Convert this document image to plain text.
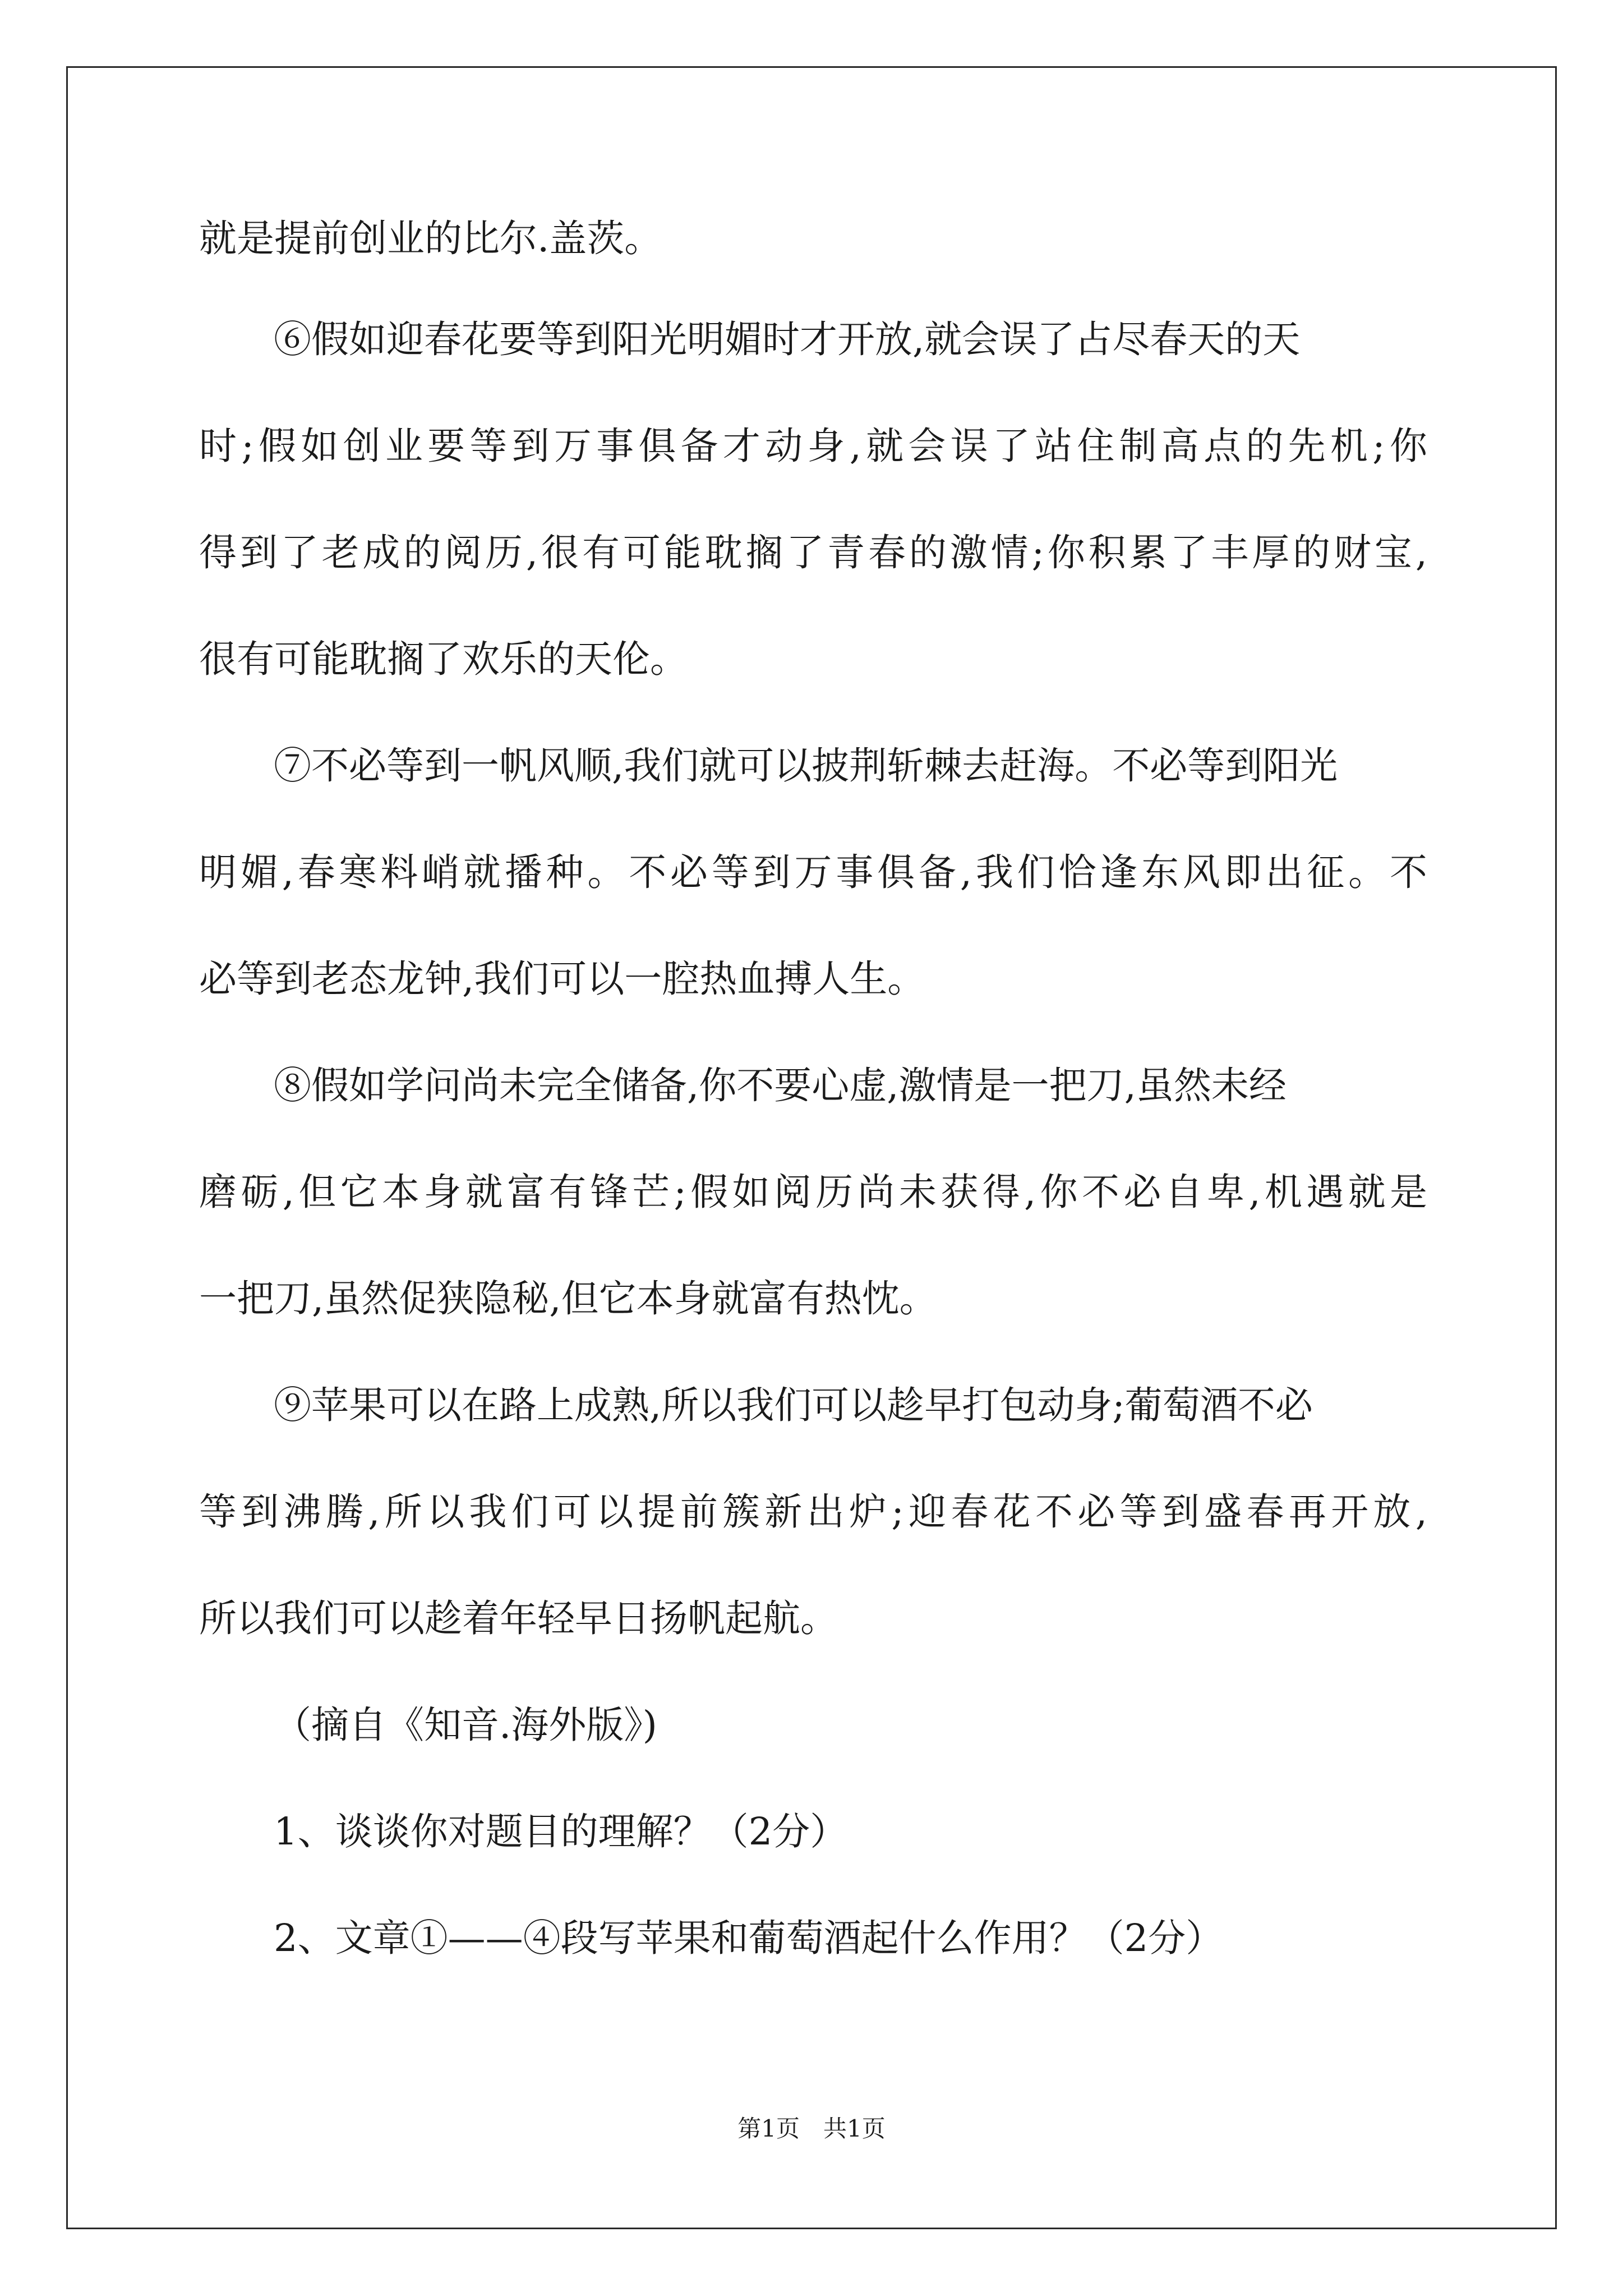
就是提前创业的比尔.盖茨。
⑥假如迎春花要等到阳光明媚时才开放,就会误了占尽春天的天
时;假如创业要等到万事俱备才动身,就会误了站住制高点的先机;你
得到了老成的阅历,很有可能耽搁了青春的激情;你积累了丰厚的财宝,
很有可能耽搁了欢乐的天伦。
⑦不必等到一帆风顺,我们就可以披荆斩棘去赶海。不必等到阳光
明媚,春寒料峭就播种。不必等到万事俱备,我们恰逢东风即出征。不
必等到老态龙钟,我们可以一腔热血搏人生。
⑧假如学问尚未完全储备,你不要心虚,激情是一把刀,虽然未经
磨砺,但它本身就富有锋芒;假如阅历尚未获得,你不必自卑,机遇就是
一把刀,虽然促狭隐秘,但它本身就富有热忱。
⑨苹果可以在路上成熟,所以我们可以趁早打包动身;葡萄酒不必
等到沸腾,所以我们可以提前簇新出炉;迎春花不必等到盛春再开放,
所以我们可以趁着年轻早日扬帆起航。
（摘自《知音.海外版》)
1、谈谈你对题目的理解？（2分）
2、文章①——④段写苹果和葡萄酒起什么作用？（2分）
第1页　共1页
